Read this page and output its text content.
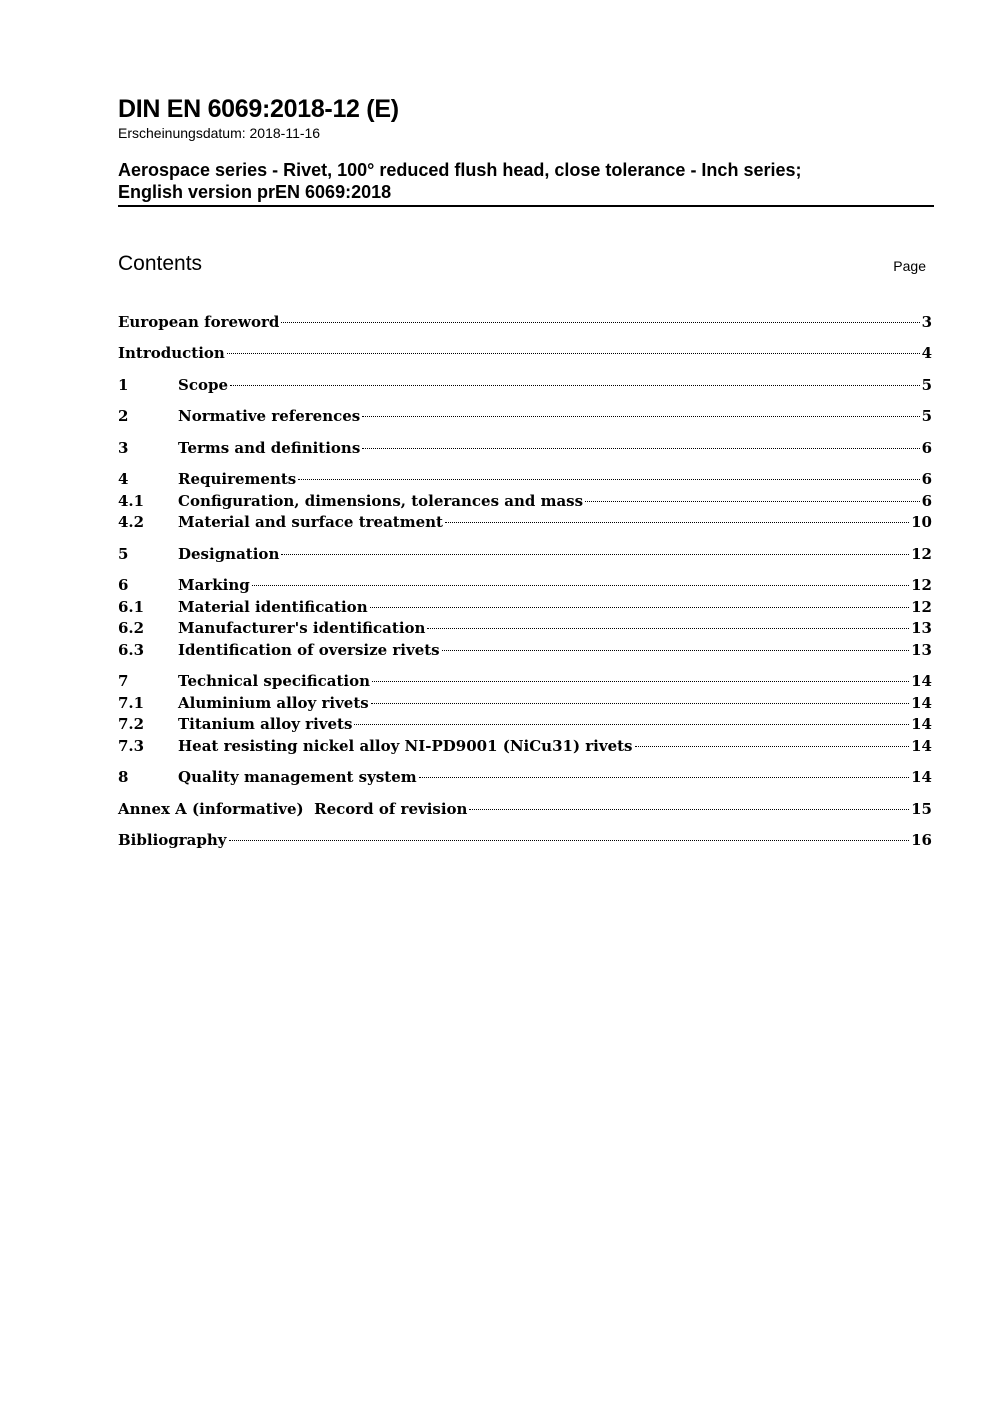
DIN EN 6069:2018-12 (E)
Erscheinungsdatum: 2018-11-16
Aerospace series - Rivet, 100° reduced flush head, close tolerance - Inch series;
English version prEN 6069:2018
Contents	Page
European foreword	3
Introduction	4
1	Scope	5
2	Normative references	5
3	Terms and definitions	6
4	Requirements	6
4.1	Configuration, dimensions, tolerances and mass	6
4.2	Material and surface treatment	10
5	Designation	12
6	Marking	12
6.1	Material identification	12
6.2	Manufacturer's identification	13
6.3	Identification of oversize rivets	13
7	Technical specification	14
7.1	Aluminium alloy rivets	14
7.2	Titanium alloy rivets	14
7.3	Heat resisting nickel alloy NI-PD9001 (NiCu31) rivets	14
8	Quality management system	14
Annex A (informative)  Record of revision	15
Bibliography	16
